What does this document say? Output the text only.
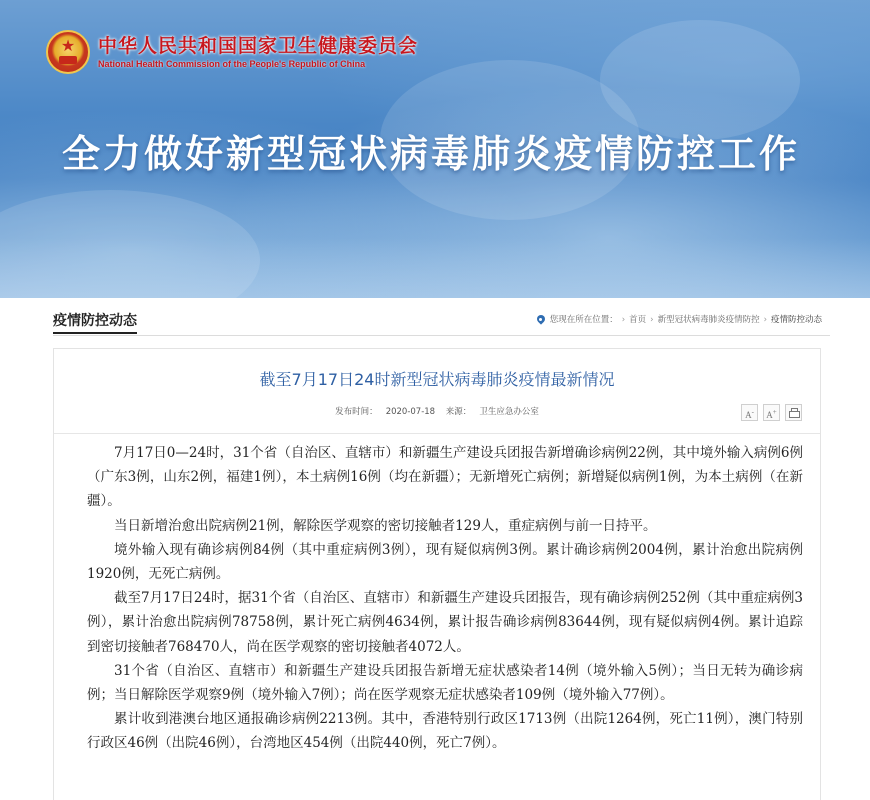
★
中华人民共和国国家卫生健康委员会
National Health Commission of the People's Republic of China
全力做好新型冠状病毒肺炎疫情防控工作
疫情防控动态	您现在所在位置： › 首页 › 新型冠状病毒肺炎疫情防控 › 疫情防控动态
截至7月17日24时新型冠状病毒肺炎疫情最新情况
发布时间： 2020-07-18 来源： 卫生应急办公室	A-	A+

7月17日0—24时，31个省（自治区、直辖市）和新疆生产建设兵团报告新增确诊病例22例，其中境外输入病例6例（广东3例，山东2例，福建1例），本土病例16例（均在新疆）；无新增死亡病例；新增疑似病例1例，为本土病例（在新疆）。

当日新增治愈出院病例21例，解除医学观察的密切接触者129人，重症病例与前一日持平。

境外输入现有确诊病例84例（其中重症病例3例），现有疑似病例3例。累计确诊病例2004例，累计治愈出院病例1920例，无死亡病例。

截至7月17日24时，据31个省（自治区、直辖市）和新疆生产建设兵团报告，现有确诊病例252例（其中重症病例3例），累计治愈出院病例78758例，累计死亡病例4634例，累计报告确诊病例83644例，现有疑似病例4例。累计追踪到密切接触者768470人，尚在医学观察的密切接触者4072人。

31个省（自治区、直辖市）和新疆生产建设兵团报告新增无症状感染者14例（境外输入5例）；当日无转为确诊病例；当日解除医学观察9例（境外输入7例）；尚在医学观察无症状感染者109例（境外输入77例）。

累计收到港澳台地区通报确诊病例2213例。其中，香港特别行政区1713例（出院1264例，死亡11例），澳门特别行政区46例（出院46例），台湾地区454例（出院440例，死亡7例）。
